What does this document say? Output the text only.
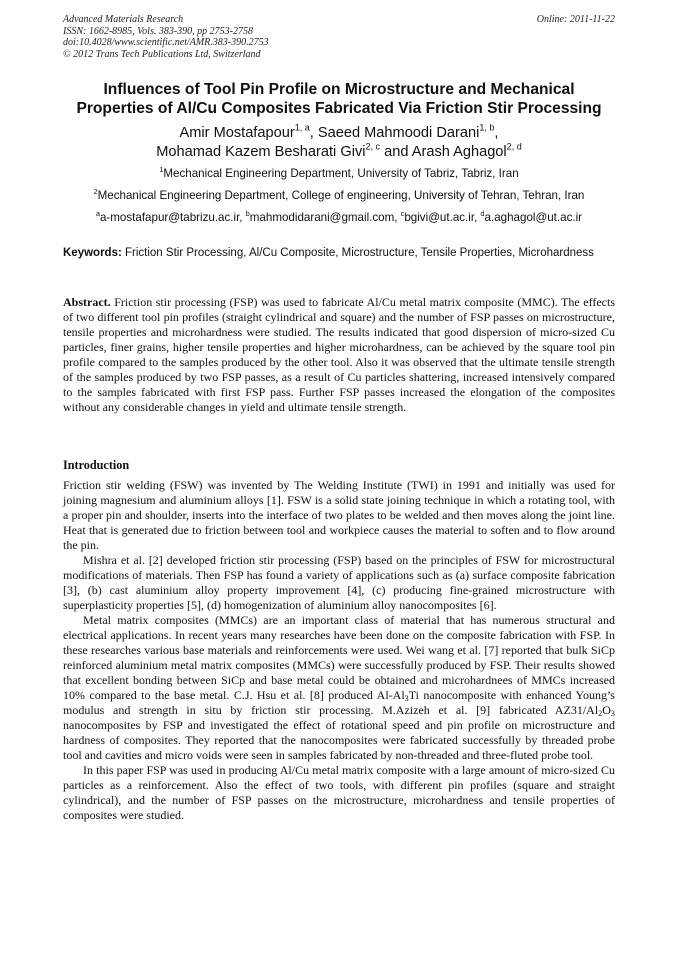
Advanced Materials Research
ISSN: 1662-8985, Vols. 383-390, pp 2753-2758
doi:10.4028/www.scientific.net/AMR.383-390.2753
© 2012 Trans Tech Publications Ltd, Switzerland
Online: 2011-11-22
Influences of Tool Pin Profile on Microstructure and Mechanical
Properties of Al/Cu Composites Fabricated Via Friction Stir Processing
Amir Mostafapour$^{1, a}$, Saeed Mahmoodi Darani$^{1, b}$,
Mohamad Kazem Besharati Givi$^{2, c}$ and Arash Aghagol$^{2, d}$
$^1$Mechanical Engineering Department, University of Tabriz, Tabriz, Iran
$^2$Mechanical Engineering Department, College of engineering, University of Tehran, Tehran, Iran
$^a$a-mostafapur@tabrizu.ac.ir, $^b$mahmodidarani@gmail.com, $^c$bgivi@ut.ac.ir, $^d$a.aghagol@ut.ac.ir
Keywords: Friction Stir Processing, Al/Cu Composite, Microstructure, Tensile Properties, Microhardness
Abstract. Friction stir processing (FSP) was used to fabricate Al/Cu metal matrix composite (MMC). The effects of two different tool pin profiles (straight cylindrical and square) and the number of FSP passes on microstructure, tensile properties and microhardness were studied. The results indicated that good dispersion of micro-sized Cu particles, finer grains, higher tensile properties and higher microhardness, can be achieved by the square tool pin profile compared to the samples produced by the other tool. Also it was observed that the ultimate tensile strength of the samples produced by two FSP passes, as a result of Cu particles shattering, increased intensively compared to the samples fabricated with first FSP pass. Further FSP passes increased the elongation of the composites without any considerable changes in yield and ultimate tensile strength.
Introduction

Friction stir welding (FSW) was invented by The Welding Institute (TWI) in 1991 and initially was used for joining magnesium and aluminium alloys [1]. FSW is a solid state joining technique in which a rotating tool, with a proper pin and shoulder, inserts into the interface of two plates to be welded and then moves along the joint line. Heat that is generated due to friction between tool and workpiece causes the material to soften and to flow around the pin.

Mishra et al. [2] developed friction stir processing (FSP) based on the principles of FSW for microstructural modifications of materials. Then FSP has found a variety of applications such as (a) surface composite fabrication [3], (b) cast aluminium alloy property improvement [4], (c) producing fine-grained microstructure with superplasticity properties [5], (d) homogenization of aluminium alloy nanocomposites [6].

Metal matrix composites (MMCs) are an important class of material that has numerous structural and electrical applications. In recent years many researches have been done on the composite fabrication with FSP. In these researches various base materials and reinforcements were used. Wei wang et al. [7] reported that bulk SiCp reinforced aluminium metal matrix composites (MMCs) were successfully produced by FSP. Their results showed that excellent bonding between SiCp and base metal could be obtained and microhardnees of MMCs increased 10% compared to the base metal. C.J. Hsu et al. [8] produced $Al-Al_3Ti$ nanocomposite with enhanced Young’s modulus and strength in situ by friction stir processing. M.Azizeh et al. [9] fabricated $AZ31/Al_2O_3$ nanocomposites by FSP and investigated the effect of rotational speed and pin profile on microstructure and hardness of composites. They reported that the nanocomposites were fabricated successfully by threaded probe tool and cavities and micro voids were seen in samples fabricated by non-threaded and three-fluted probe tool.

In this paper FSP was used in producing Al/Cu metal matrix composite with a large amount of micro-sized Cu particles as a reinforcement. Also the effect of two tools, with different pin profiles (square and straight cylindrical), and the number of FSP passes on the microstructure, microhardness and tensile properties of composites were studied.
